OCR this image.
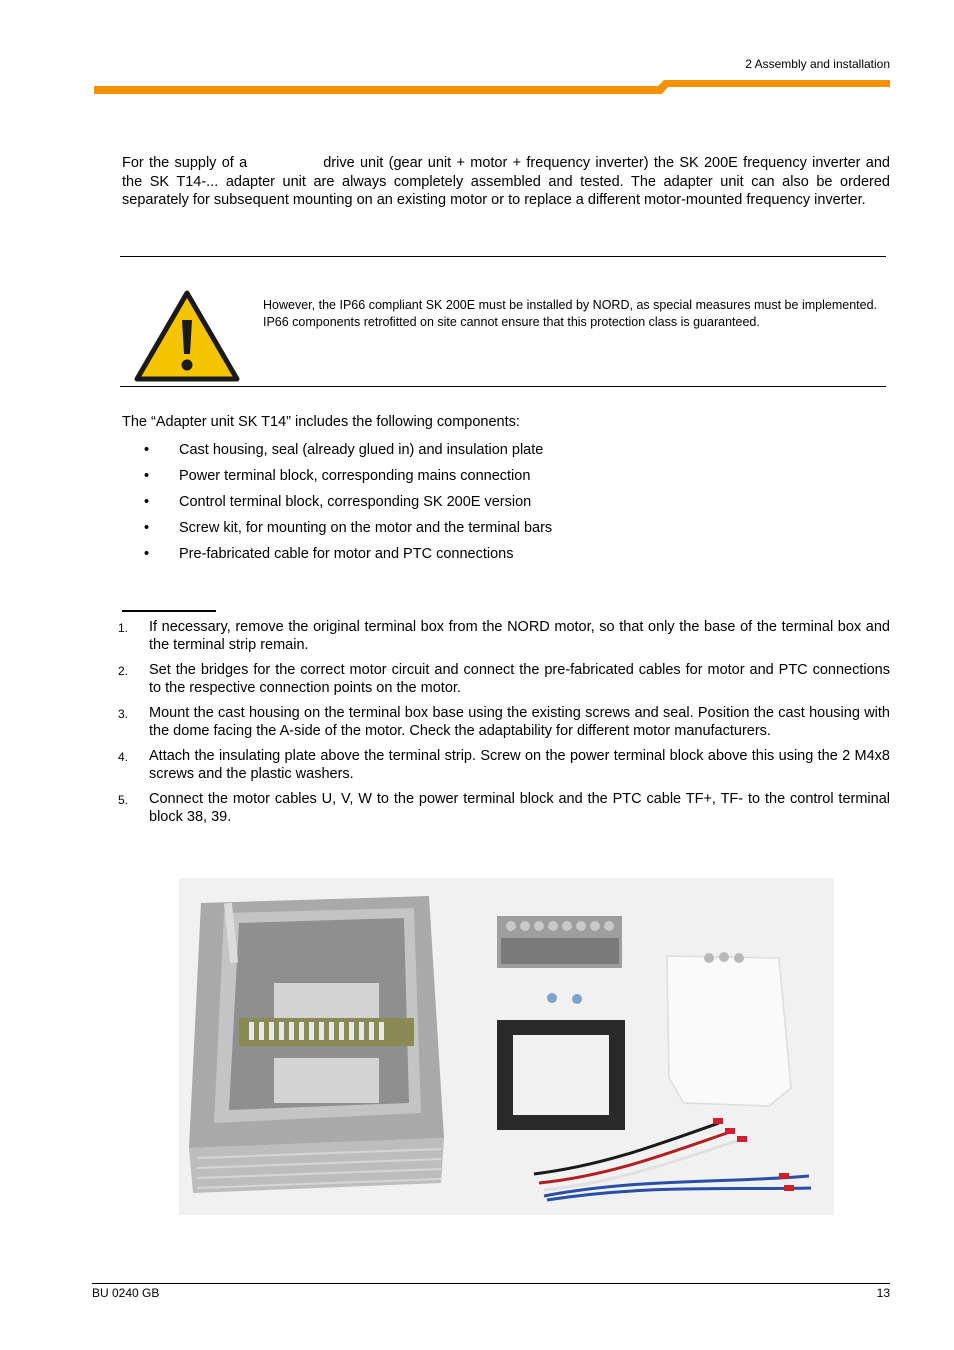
2 Assembly and installation
For the supply of a	drive unit (gear unit + motor + frequency inverter) the SK 200E frequency inverter and the SK T14-... adapter unit are always completely assembled and tested. The adapter unit can also be ordered separately for subsequent mounting on an existing motor or to replace a different motor-mounted frequency inverter.
However, the IP66 compliant SK 200E must be installed by NORD, as special measures must be implemented. IP66 components retrofitted on site cannot ensure that this protection class is guaranteed.
The “Adapter unit SK T14” includes the following components:
• Cast housing, seal (already glued in) and insulation plate
• Power terminal block, corresponding mains connection
• Control terminal block, corresponding SK 200E version
• Screw kit, for mounting on the motor and the terminal bars
• Pre-fabricated cable for motor and PTC connections
1. If necessary, remove the original terminal box from the NORD motor, so that only the base of the terminal box and the terminal strip remain.
2. Set the bridges for the correct motor circuit and connect the pre-fabricated cables for motor and PTC connections to the respective connection points on the motor.
3. Mount the cast housing on the terminal box base using the existing screws and seal. Position the cast housing with the dome facing the A-side of the motor. Check the adaptability for different motor manufacturers.
4. Attach the insulating plate above the terminal strip. Screw on the power terminal block above this using the 2 M4x8 screws and the plastic washers.
5. Connect the motor cables U, V, W to the power terminal block and the PTC cable TF+, TF- to the control terminal block 38, 39.
BU 0240 GB	13
